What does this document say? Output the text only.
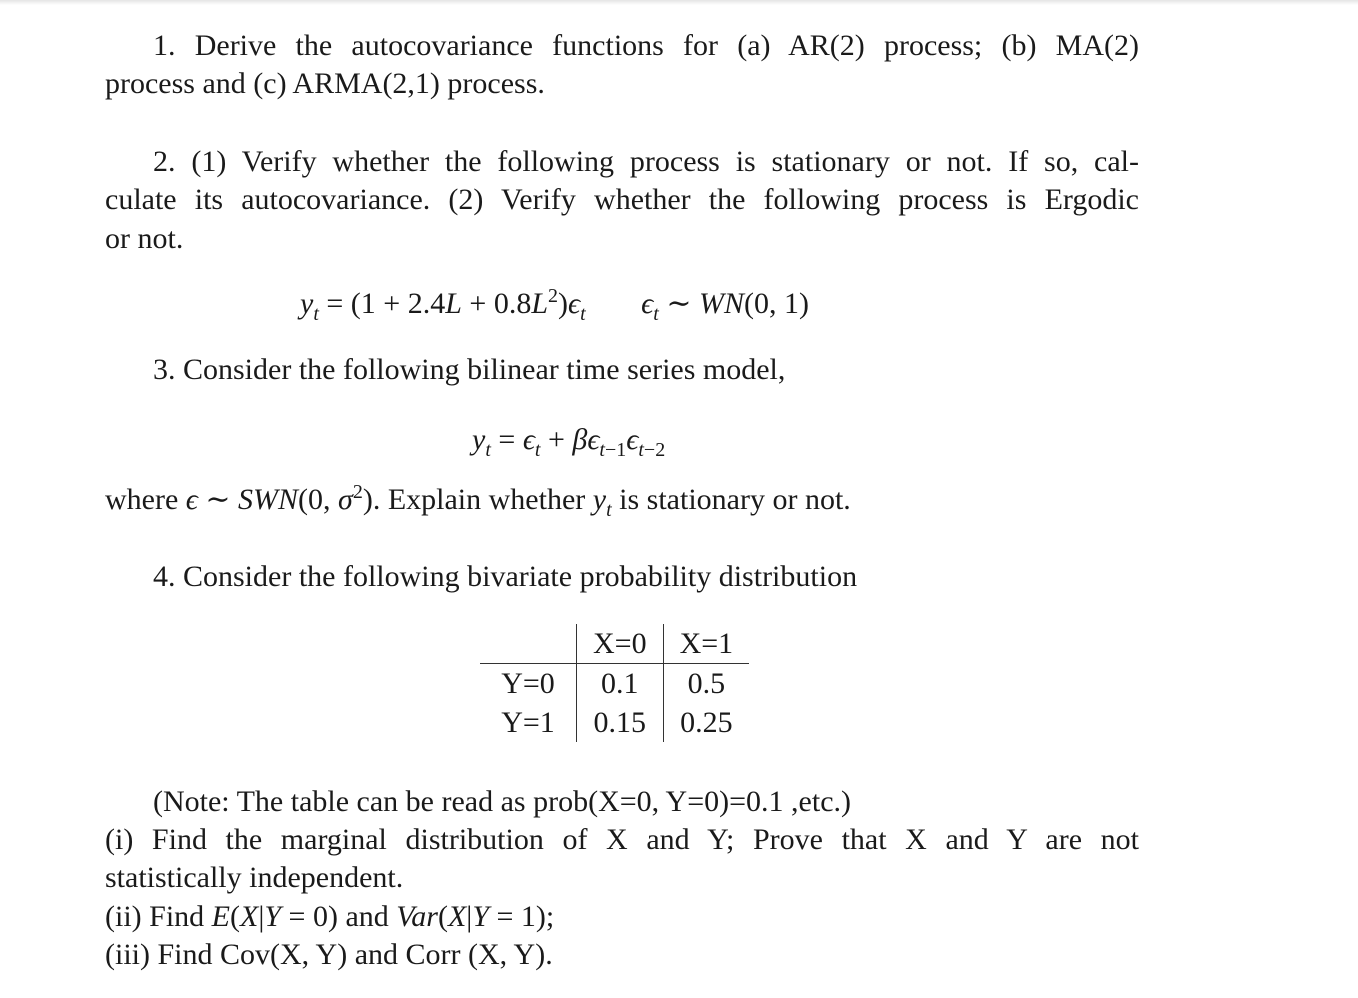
1. Derive the autocovariance functions for (a) AR(2) process; (b) MA(2)
process and (c) ARMA(2,1) process.
2. (1) Verify whether the following process is stationary or not. If so, cal-
culate its autocovariance. (2) Verify whether the following process is Ergodic
or not.
$y_t = (1 + 2.4L + 0.8L^2)\epsilon_t$ $\epsilon_t$ ∼ WN(0, 1)
3. Consider the following bilinear time series model,
$y_t = \epsilon_t + \beta\epsilon_{t-1}\epsilon_{t-2}$
where
ϵ ∼ SWN(0, $\sigma^2$). Explain whether
$y_t$ is stationary or not.
4. Consider the following bivariate probability distribution
	X=0	X=1
Y=0	0.1	0.5
Y=1	0.15	0.25
(Note: The table can be read as prob(X=0, Y=0)=0.1 ,etc.)
(i) Find the marginal distribution of X and Y; Prove that X and Y are not
statistically independent.
(ii) Find
E(X|Y = 0) and
Var(X|Y = 1);
(iii) Find Cov(X, Y) and Corr (X, Y).
